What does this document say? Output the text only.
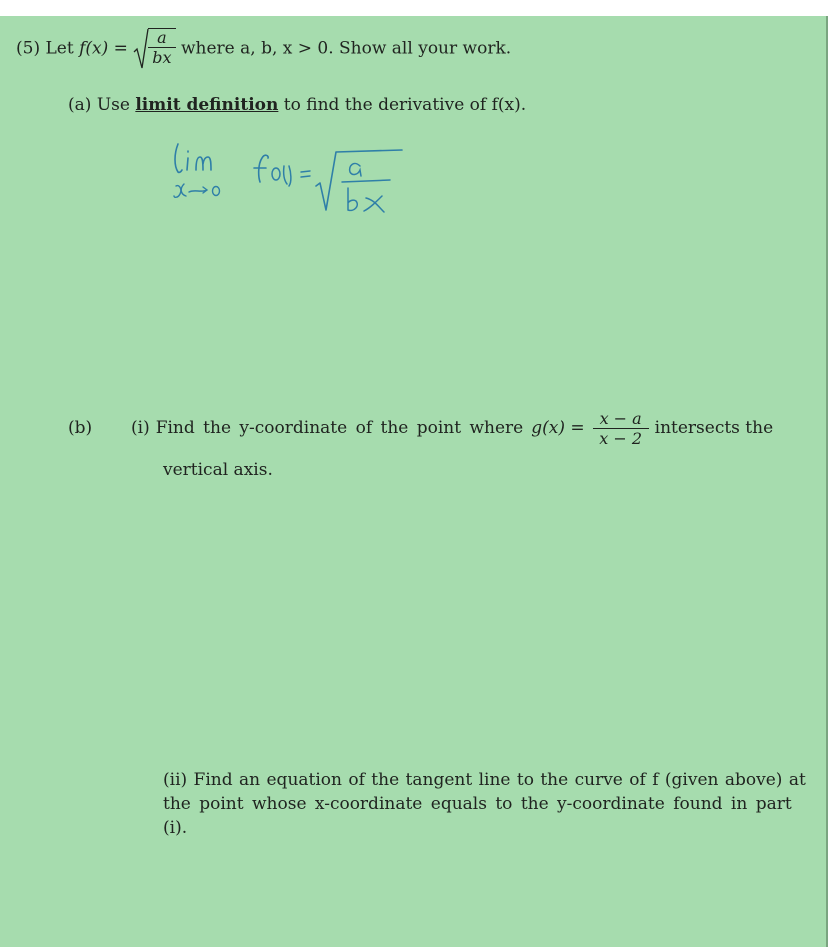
(5) Let $f(x) = \frac{a}{bx}$ where a, b, x > 0. Show all your work.
(a) Use limit definition to find the derivative of f(x).
(b) (i) Find the y-coordinate of the point where $g(x) = \frac{x - a}{x - 2}$ intersects the
vertical axis.
(ii) Find an equation of the tangent line to the curve of f (given above) at
the point whose x-coordinate equals to the y-coordinate found in part
(i).
